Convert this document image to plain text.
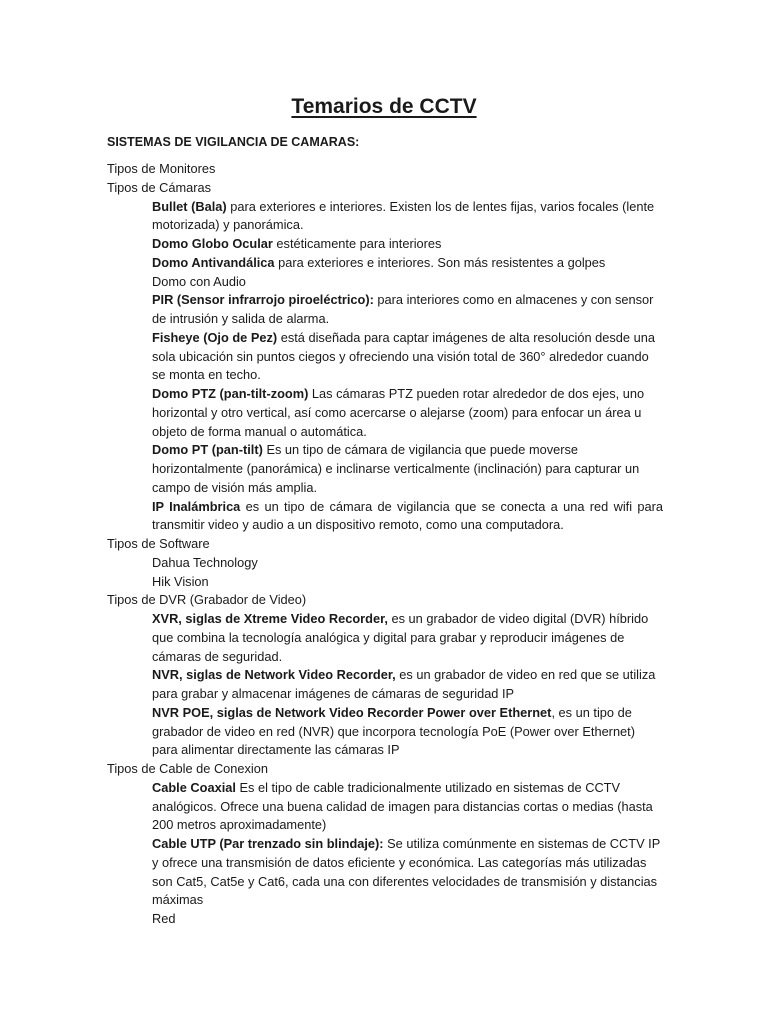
Temarios de CCTV

SISTEMAS DE VIGILANCIA DE CAMARAS:

Tipos de Monitores

Tipos de Cámaras

Bullet (Bala) para exteriores e interiores. Existen los de lentes fijas, varios focales (lente motorizada) y panorámica.
Domo Globo Ocular estéticamente para interiores
Domo Antivandálica para exteriores e interiores. Son más resistentes a golpes
Domo con Audio
PIR (Sensor infrarrojo piroeléctrico): para interiores como en almacenes y con sensor de intrusión y salida de alarma.
Fisheye (Ojo de Pez) está diseñada para captar imágenes de alta resolución desde una sola ubicación sin puntos ciegos y ofreciendo una visión total de 360° alrededor cuando se monta en techo.
Domo PTZ (pan-tilt-zoom) Las cámaras PTZ pueden rotar alrededor de dos ejes, uno horizontal y otro vertical, así como acercarse o alejarse (zoom) para enfocar un área u objeto de forma manual o automática.
Domo PT (pan-tilt) Es un tipo de cámara de vigilancia que puede moverse horizontalmente (panorámica) e inclinarse verticalmente (inclinación) para capturar un campo de visión más amplia.
IP Inalámbrica es un tipo de cámara de vigilancia que se conecta a una red wifi para transmitir video y audio a un dispositivo remoto, como una computadora.

Tipos de Software

Dahua Technology
Hik Vision

Tipos de DVR (Grabador de Video)

XVR, siglas de Xtreme Video Recorder, es un grabador de video digital (DVR) híbrido que combina la tecnología analógica y digital para grabar y reproducir imágenes de cámaras de seguridad.
NVR, siglas de Network Video Recorder, es un grabador de video en red que se utiliza para grabar y almacenar imágenes de cámaras de seguridad IP
NVR POE, siglas de Network Video Recorder Power over Ethernet, es un tipo de grabador de video en red (NVR) que incorpora tecnología PoE (Power over Ethernet) para alimentar directamente las cámaras IP

Tipos de Cable de Conexion

Cable Coaxial Es el tipo de cable tradicionalmente utilizado en sistemas de CCTV analógicos. Ofrece una buena calidad de imagen para distancias cortas o medias (hasta 200 metros aproximadamente)
Cable UTP (Par trenzado sin blindaje): Se utiliza comúnmente en sistemas de CCTV IP y ofrece una transmisión de datos eficiente y económica. Las categorías más utilizadas son Cat5, Cat5e y Cat6, cada una con diferentes velocidades de transmisión y distancias máximas
Red
